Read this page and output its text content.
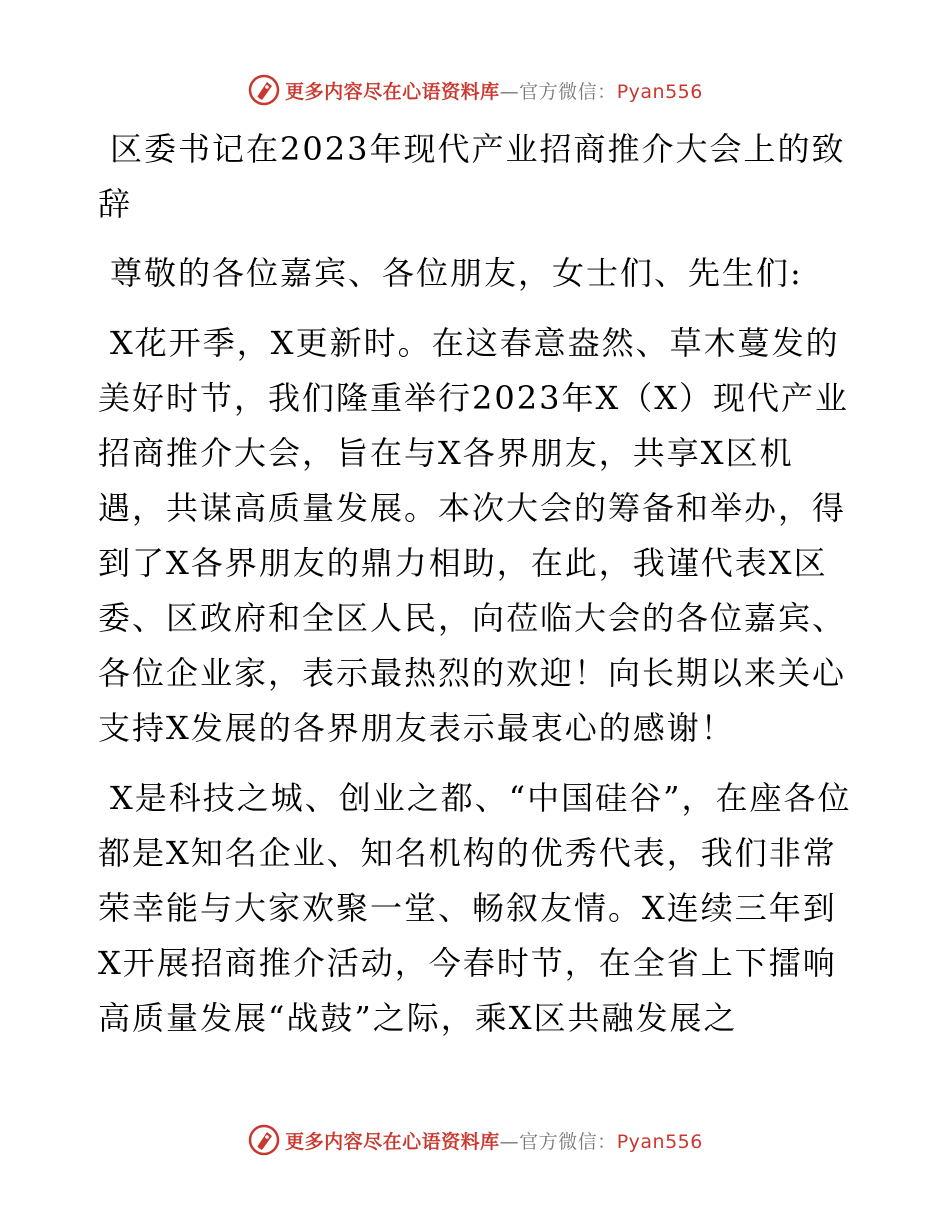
更多内容尽在心语资料库—官方微信：Pyan556

区委书记在2023年现代产业招商推介大会上的致辞

尊敬的各位嘉宾、各位朋友，女士们、先生们:

X花开季，X更新时。在这春意盎然、草木蔓发的美好时节，我们隆重举行2023年X（X）现代产业招商推介大会，旨在与X各界朋友，共享X区机遇，共谋高质量发展。本次大会的筹备和举办，得到了X各界朋友的鼎力相助，在此，我谨代表X区委、区政府和全区人民，向莅临大会的各位嘉宾、各位企业家，表示最热烈的欢迎！向长期以来关心支持X发展的各界朋友表示最衷心的感谢！

X是科技之城、创业之都、“中国硅谷”，在座各位都是X知名企业、知名机构的优秀代表，我们非常荣幸能与大家欢聚一堂、畅叙友情。X连续三年到X开展招商推介活动，今春时节，在全省上下擂响高质量发展“战鼓”之际，乘X区共融发展之

更多内容尽在心语资料库—官方微信：Pyan556
